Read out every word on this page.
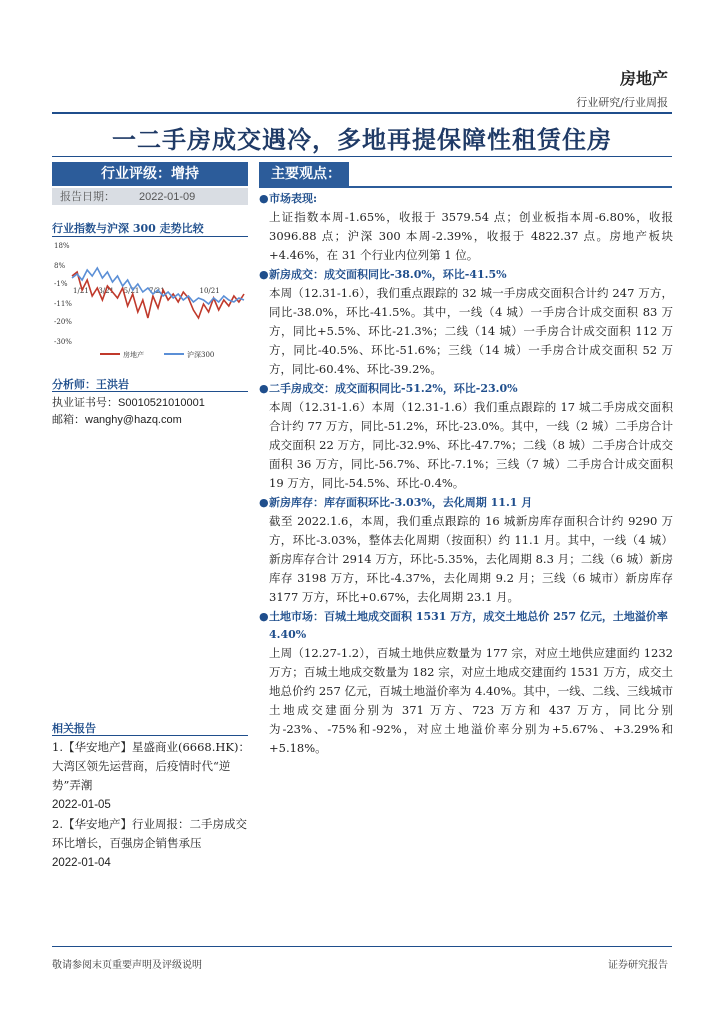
房地产
行业研究/行业周报
一二手房成交遇冷，多地再提保障性租赁住房
行业评级：增持
报告日期： 2022-01-09
行业指数与沪深 300 走势比较
18%
8%
-1%
-11%
-20%
-30%
1/21 3/21 5/21 7/21	10/21
房地产	沪深300
分析师：王洪岩
执业证书号：S0010521010001
邮箱：wanghy@hazq.com
相关报告
1.【华安地产】星盛商业(6668.HK)：大湾区领先运营商，后疫情时代“逆势”弄潮
2022-01-05
2.【华安地产】行业周报：二手房成交环比增长，百强房企销售承压
2022-01-04
主要观点：
● 市场表现:
上证指数本周-1.65%，收报于 3579.54 点；创业板指本周-6.80%，收报 3096.88 点；沪深 300 本周-2.39%，收报于 4822.37 点。房地产板块+4.46%，在 31 个行业内位列第 1 位。
● 新房成交：成交面积同比-38.0%，环比-41.5%
本周（12.31-1.6），我们重点跟踪的 32 城一手房成交面积合计约 247 万方，同比-38.0%，环比-41.5%。其中，一线（4 城）一手房合计成交面积 83 万方，同比+5.5%、环比-21.3%；二线（14 城）一手房合计成交面积 112 万方，同比-40.5%、环比-51.6%；三线（14 城）一手房合计成交面积 52 万方，同比-60.4%、环比-39.2%。
● 二手房成交：成交面积同比-51.2%，环比-23.0%
本周（12.31-1.6）本周（12.31-1.6）我们重点跟踪的 17 城二手房成交面积合计约 77 万方，同比-51.2%，环比-23.0%。其中，一线（2 城）二手房合计成交面积 22 万方，同比-32.9%、环比-47.7%；二线（8 城）二手房合计成交面积 36 万方，同比-56.7%、环比-7.1%；三线（7 城）二手房合计成交面积 19 万方，同比-54.5%、环比-0.4%。
● 新房库存：库存面积环比-3.03%，去化周期 11.1 月
截至 2022.1.6，本周，我们重点跟踪的 16 城新房库存面积合计约 9290 万方，环比-3.03%，整体去化周期（按面积）约 11.1 月。其中，一线（4 城）新房库存合计 2914 万方，环比-5.35%，去化周期 8.3 月；二线（6 城）新房库存 3198 万方，环比-4.37%，去化周期 9.2 月；三线（6 城市）新房库存 3177 万方，环比+0.67%，去化周期 23.1 月。
● 土地市场：百城土地成交面积 1531 万方，成交土地总价 257 亿元，土地溢价率 4.40%
上周（12.27-1.2），百城土地供应数量为 177 宗，对应土地供应建面约 1232 万方；百城土地成交数量为 182 宗，对应土地成交建面约 1531 万方，成交土地总价约 257 亿元，百城土地溢价率为 4.40%。其中，一线、二线、三线城市土地成交建面分别为 371 万方、723 万方和 437 万方，同比分别为-23%、-75%和-92%，对应土地溢价率分别为+5.67%、+3.29%和+5.18%。
敬请参阅末页重要声明及评级说明	证券研究报告
